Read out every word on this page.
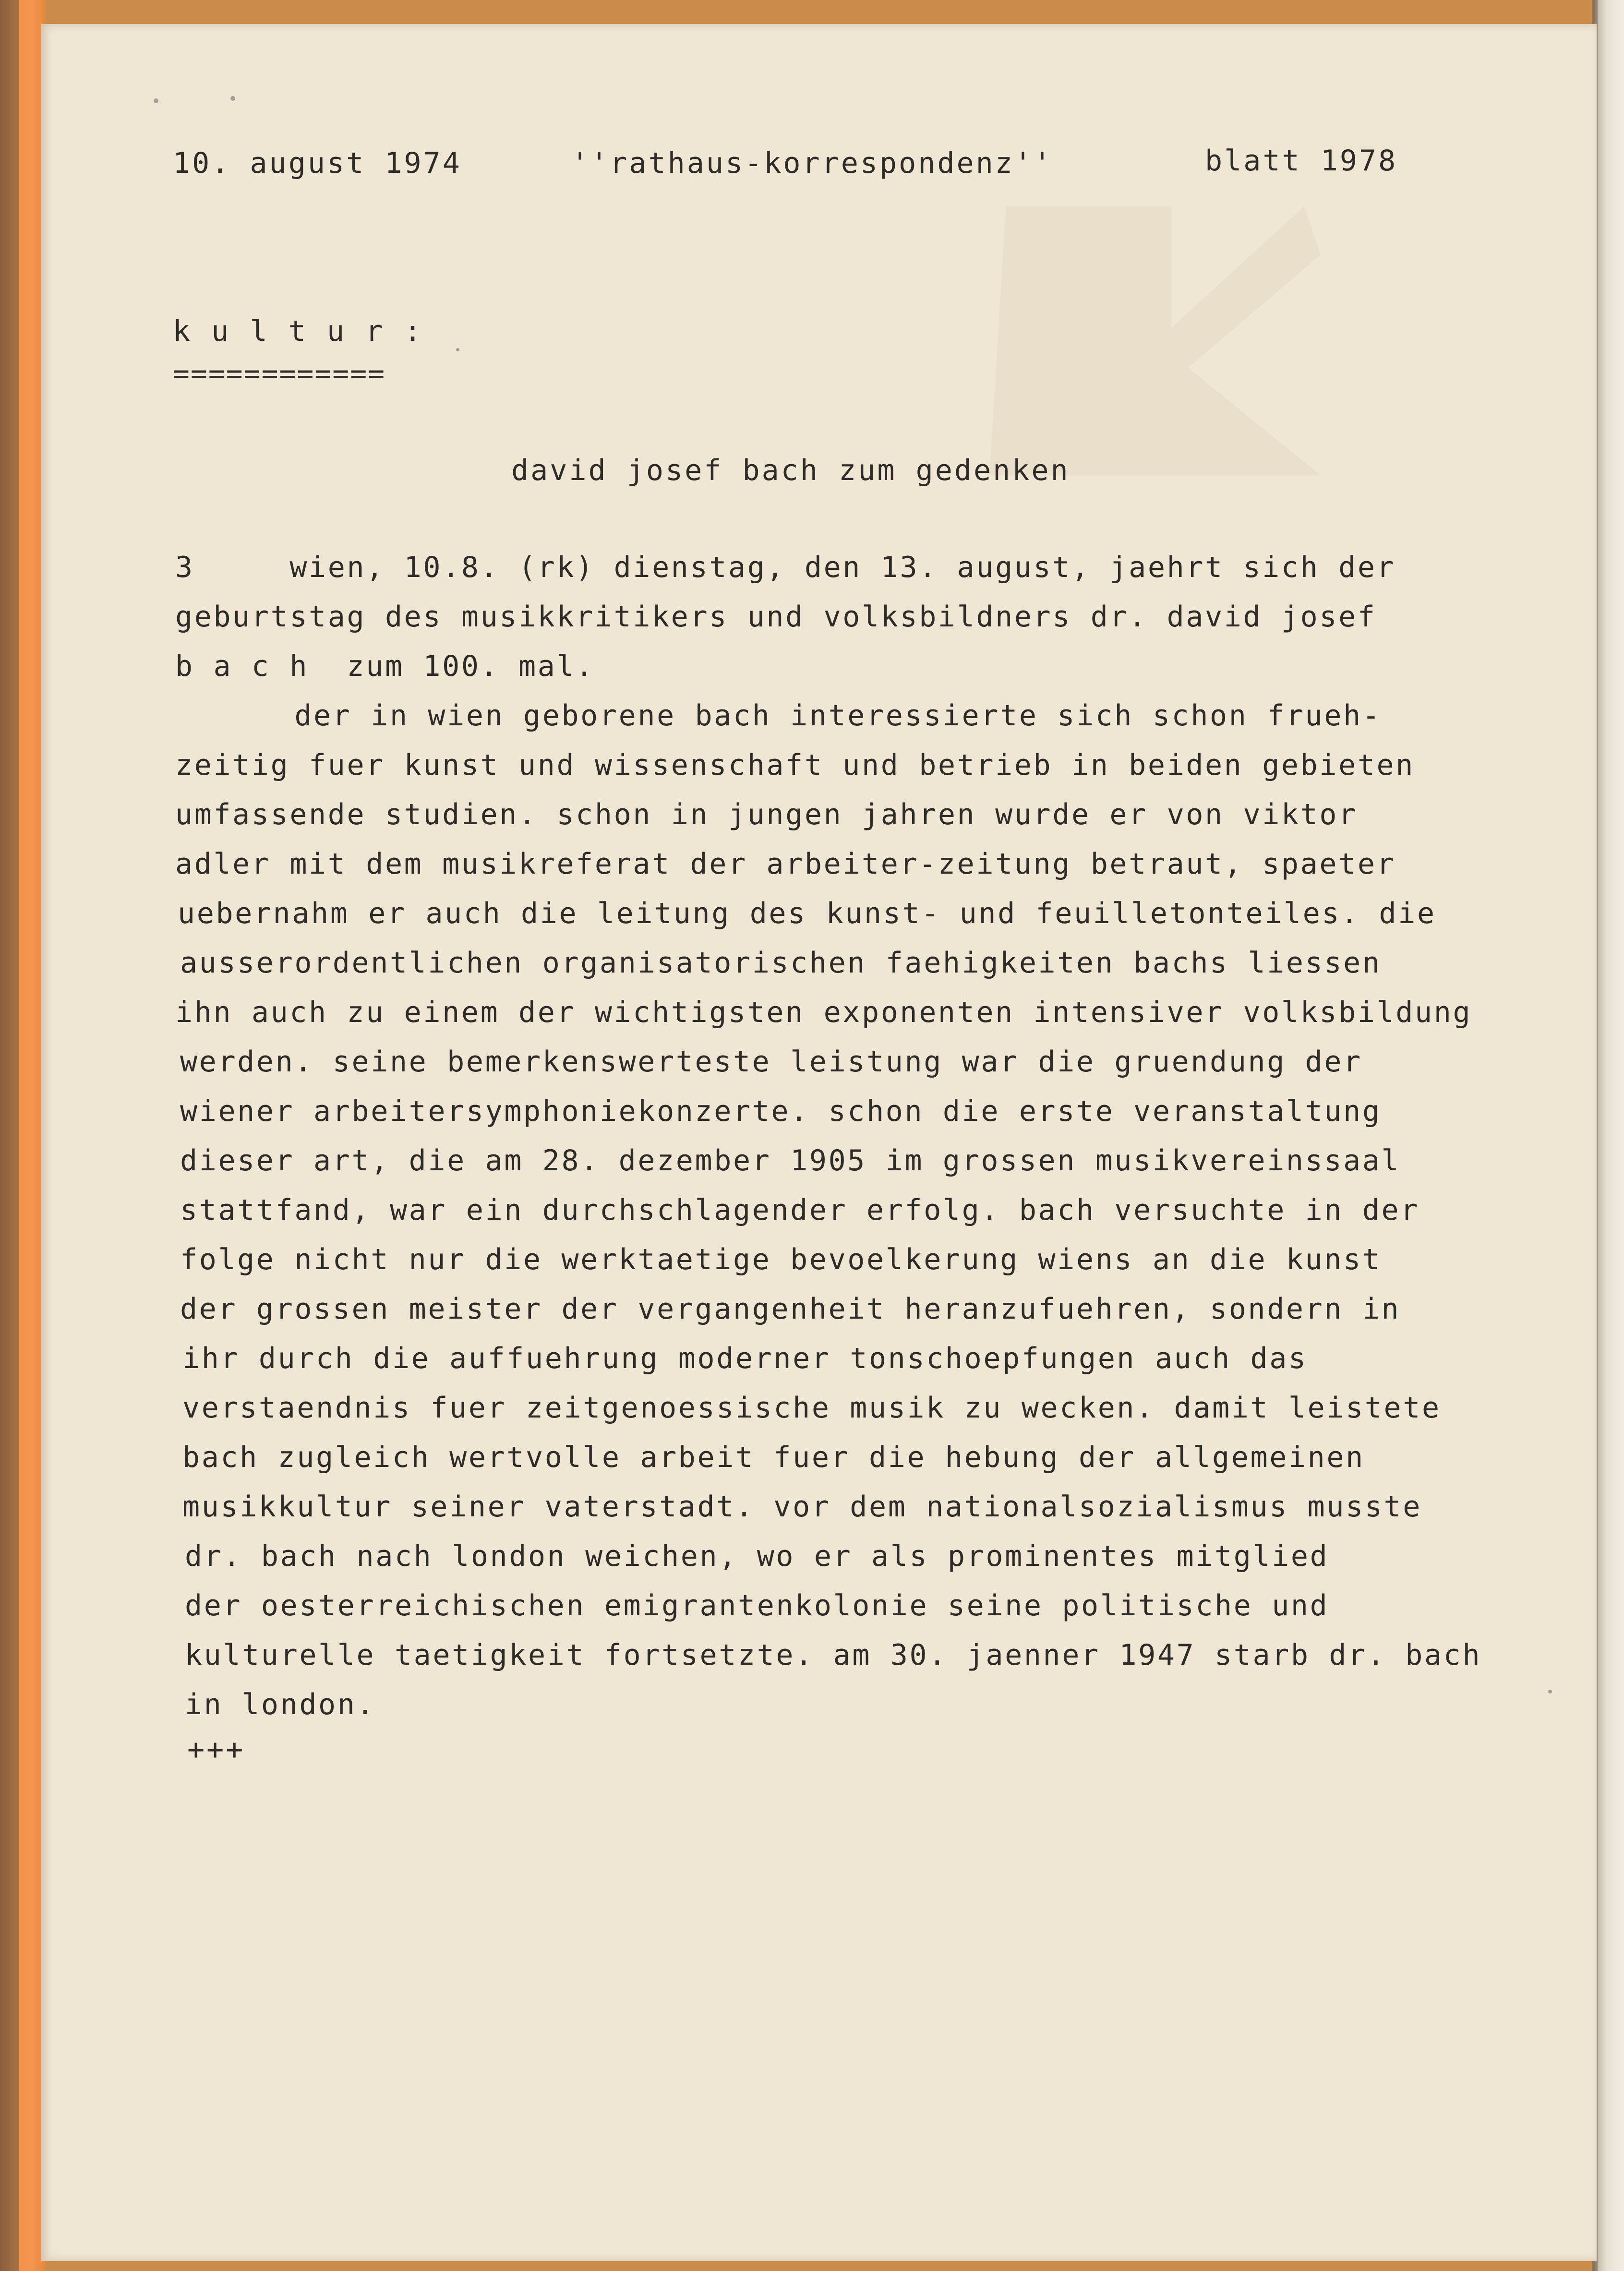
10. august 1974	''rathaus-korrespondenz''	blatt 1978
k u l t u r :
============
david josef bach zum gedenken
3     wien, 10.8. (rk) dienstag, den 13. august, jaehrt sich der
geburtstag des musikkritikers und volksbildners dr. david josef
b a c h  zum 100. mal.
der in wien geborene bach interessierte sich schon frueh-
zeitig fuer kunst und wissenschaft und betrieb in beiden gebieten
umfassende studien. schon in jungen jahren wurde er von viktor
adler mit dem musikreferat der arbeiter-zeitung betraut, spaeter
uebernahm er auch die leitung des kunst- und feuilletonteiles. die
ausserordentlichen organisatorischen faehigkeiten bachs liessen
ihn auch zu einem der wichtigsten exponenten intensiver volksbildung
werden. seine bemerkenswerteste leistung war die gruendung der
wiener arbeitersymphoniekonzerte. schon die erste veranstaltung
dieser art, die am 28. dezember 1905 im grossen musikvereinssaal
stattfand, war ein durchschlagender erfolg. bach versuchte in der
folge nicht nur die werktaetige bevoelkerung wiens an die kunst
der grossen meister der vergangenheit heranzufuehren, sondern in
ihr durch die auffuehrung moderner tonschoepfungen auch das
verstaendnis fuer zeitgenoessische musik zu wecken. damit leistete
bach zugleich wertvolle arbeit fuer die hebung der allgemeinen
musikkultur seiner vaterstadt. vor dem nationalsozialismus musste
dr. bach nach london weichen, wo er als prominentes mitglied
der oesterreichischen emigrantenkolonie seine politische und
kulturelle taetigkeit fortsetzte. am 30. jaenner 1947 starb dr. bach
in london.
+++
